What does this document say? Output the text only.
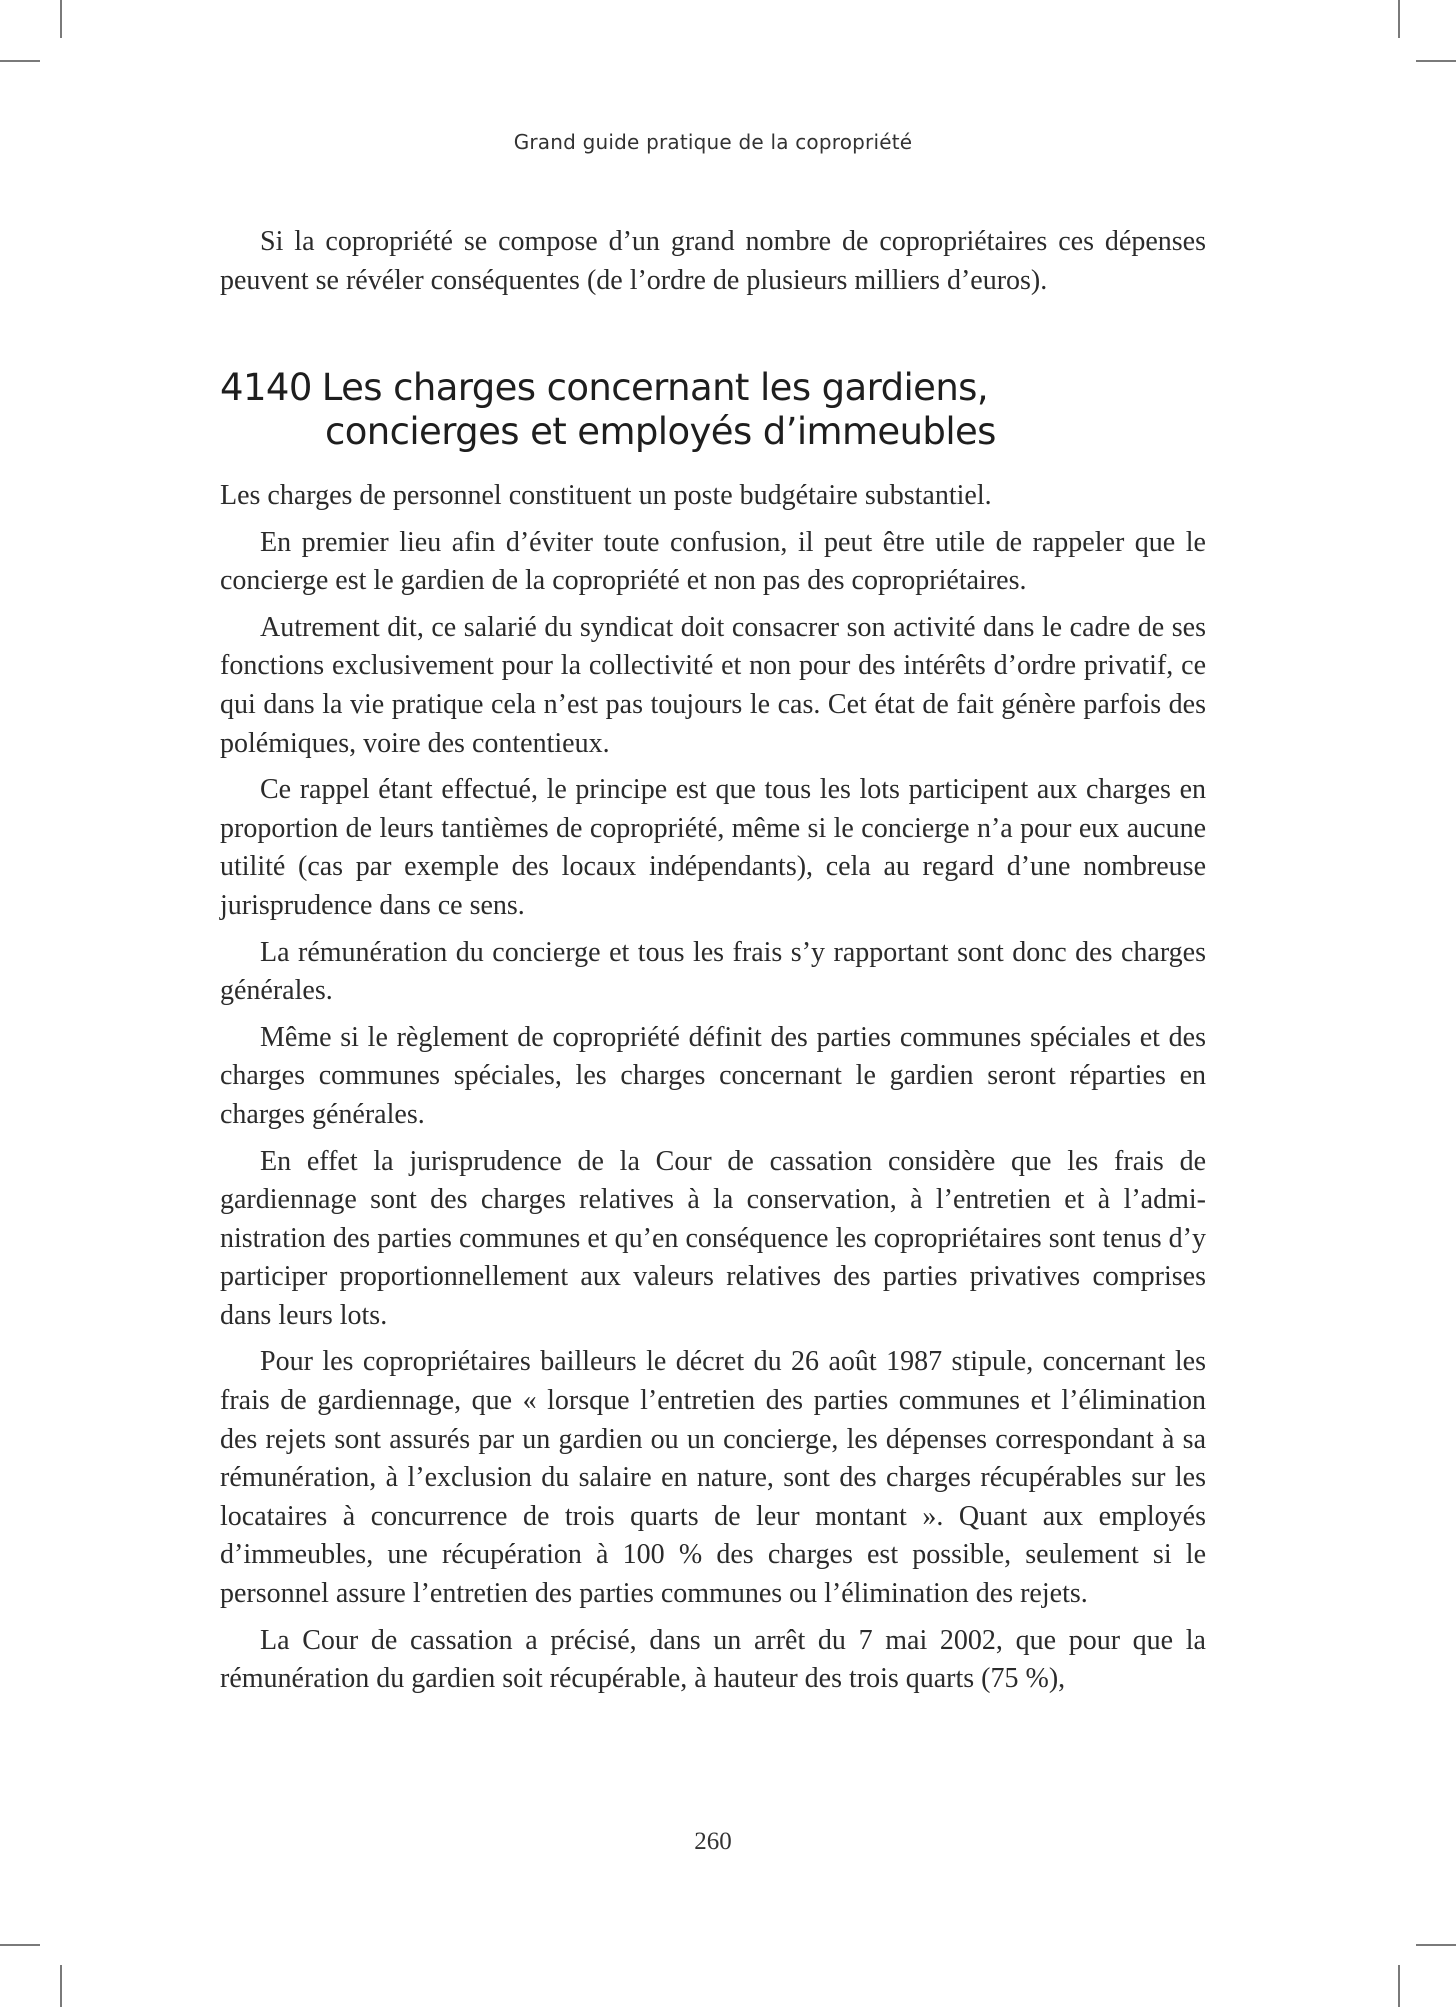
Grand guide pratique de la copropriété

Si la copropriété se compose d’un grand nombre de copropriétaires ces dépenses peuvent se révéler conséquentes (de l’ordre de plusieurs milliers d’euros).

4140 Les charges concernant les gardiens,
concierges et employés d’immeubles

Les charges de personnel constituent un poste budgétaire substantiel.

En premier lieu afin d’éviter toute confusion, il peut être utile de rappeler que le concierge est le gardien de la copropriété et non pas des copropriétaires.

Autrement dit, ce salarié du syndicat doit consacrer son activité dans le cadre de ses fonctions exclusivement pour la collectivité et non pour des intérêts d’ordre privatif, ce qui dans la vie pratique cela n’est pas toujours le cas. Cet état de fait génère parfois des polémiques, voire des contentieux.

Ce rappel étant effectué, le principe est que tous les lots participent aux charges en proportion de leurs tantièmes de copropriété, même si le concierge n’a pour eux aucune utilité (cas par exemple des locaux indépendants), cela au regard d’une nombreuse jurisprudence dans ce sens.

La rémunération du concierge et tous les frais s’y rapportant sont donc des charges générales.

Même si le règlement de copropriété définit des parties communes spéciales et des charges communes spéciales, les charges concernant le gardien seront réparties en charges générales.

En effet la jurisprudence de la Cour de cassation considère que les frais de gardiennage sont des charges relatives à la conservation, à l’entretien et à l’administration des parties communes et qu’en conséquence les copropriétaires sont tenus d’y participer proportionnellement aux valeurs relatives des parties privatives comprises dans leurs lots.

Pour les copropriétaires bailleurs le décret du 26 août 1987 stipule, concernant les frais de gardiennage, que « lorsque l’entretien des parties communes et l’élimination des rejets sont assurés par un gardien ou un concierge, les dépenses correspondant à sa rémunération, à l’exclusion du salaire en nature, sont des charges récupérables sur les locataires à concurrence de trois quarts de leur montant ». Quant aux employés d’immeubles, une récupération à 100 % des charges est possible, seulement si le personnel assure l’entretien des parties communes ou l’élimination des rejets.

La Cour de cassation a précisé, dans un arrêt du 7 mai 2002, que pour que la rémunération du gardien soit récupérable, à hauteur des trois quarts (75 %),

260
